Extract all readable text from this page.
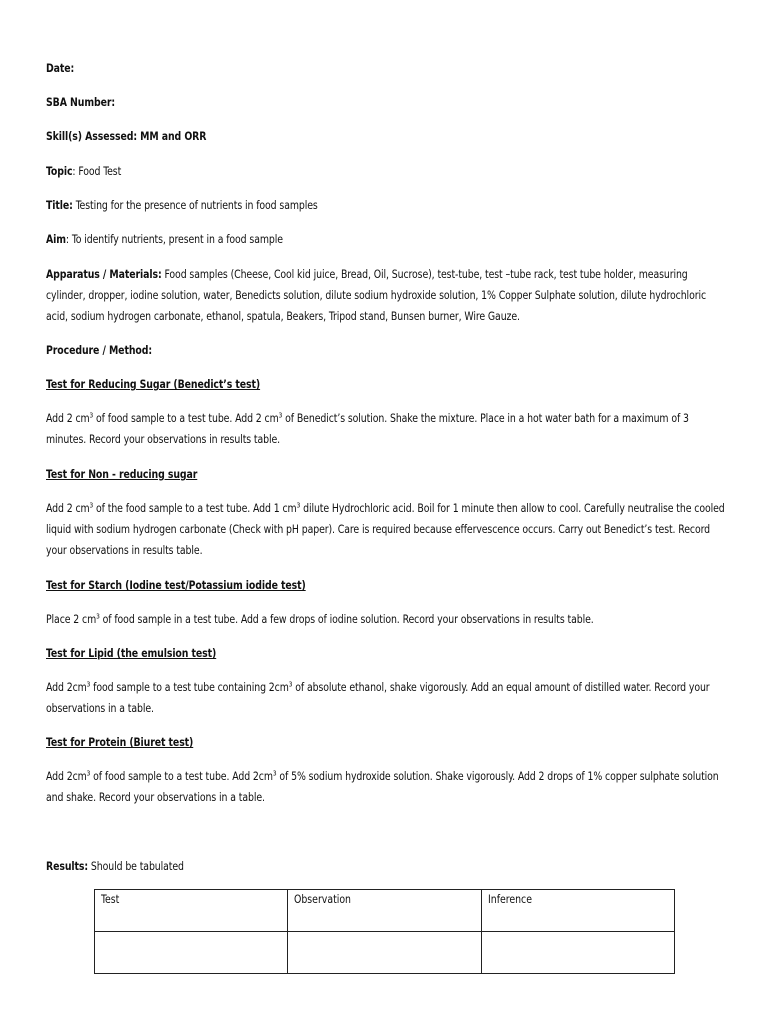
Date:
SBA Number:
Skill(s) Assessed: MM and ORR
Topic: Food Test
Title: Testing for the presence of nutrients in food samples
Aim: To identify nutrients, present in a food sample
Apparatus / Materials: Food samples (Cheese, Cool kid juice, Bread, Oil, Sucrose), test-tube, test –tube rack, test tube holder, measuring cylinder, dropper, iodine solution, water, Benedicts solution, dilute sodium hydroxide solution, 1% Copper Sulphate solution, dilute hydrochloric acid, sodium hydrogen carbonate, ethanol, spatula, Beakers, Tripod stand, Bunsen burner, Wire Gauze.
Procedure / Method:
Test for Reducing Sugar (Benedict’s test)
Add 2 $cm^3$ of food sample to a test tube. Add 2 $cm^3$ of Benedict’s solution. Shake the mixture. Place in a hot water bath for a maximum of 3 minutes. Record your observations in results table.
Test for Non - reducing sugar
Add 2 $cm^3$ of the food sample to a test tube. Add 1 $cm^3$ dilute Hydrochloric acid. Boil for 1 minute then allow to cool. Carefully neutralise the cooled liquid with sodium hydrogen carbonate (Check with pH paper). Care is required because effervescence occurs. Carry out Benedict’s test. Record your observations in results table.
Test for Starch (Iodine test/Potassium iodide test)
Place 2 $cm^3$ of food sample in a test tube. Add a few drops of iodine solution. Record your observations in results table.
Test for Lipid (the emulsion test)
Add $2cm^3$ food sample to a test tube containing $2cm^3$ of absolute ethanol, shake vigorously. Add an equal amount of distilled water. Record your observations in a table.
Test for Protein (Biuret test)
Add $2cm^3$ of food sample to a test tube. Add $2cm^3$ of 5% sodium hydroxide solution. Shake vigorously. Add 2 drops of 1% copper sulphate solution and shake. Record your observations in a table.
Results: Should be tabulated
Test	Observation	Inference
